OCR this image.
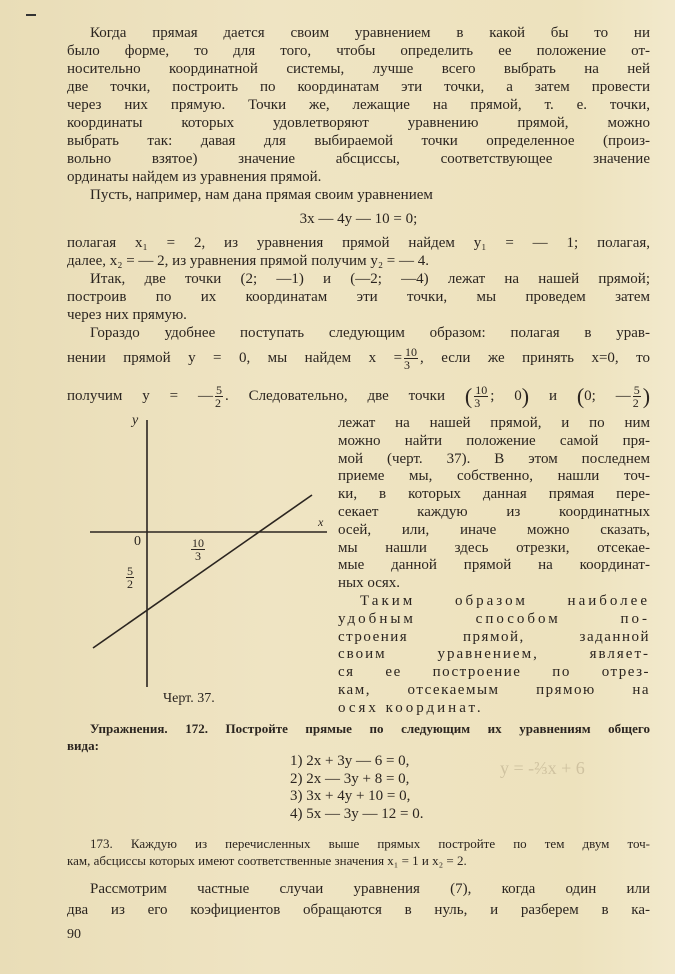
Когда прямая дается своим уравнением в какой бы то ни
было форме, то для того, чтобы определить ее положение от-
носительно координатной системы, лучше всего выбрать на ней
две точки, построить по координатам эти точки, а затем провести
через них прямую. Точки же, лежащие на прямой, т. е. точки,
координаты которых удовлетворяют уравнению прямой, можно
выбрать так: давая для выбираемой точки определенное (произ-
вольно взятое) значение абсциссы, соответствующее значение
ординаты найдем из уравнения прямой.
Пусть, например, нам дана прямая своим уравнением
3x — 4y — 10 = 0;
полагая x₁ = 2, из уравнения прямой найдем y₁ = — 1; полагая,
далее, x₂ = — 2, из уравнения прямой получим y₂ = — 4.
Итак, две точки (2; —1) и (—2; —4) лежат на нашей прямой;
построив по их координатам эти точки, мы проведем затем
через них прямую.
Гораздо удобнее поступать следующим образом: полагая в урав-
нении прямой y = 0, мы найдем $x = \frac{10}{3}$ , если же принять x=0, то
получим y = — $\frac{5}{2}$ . Следовательно, две точки ( $\frac{10}{3}$ ; 0) и (0; — $\frac{5}{2}$ )
y
x
0	$\frac{10}{3}$
$\frac{5}{2}$
Черт. 37.
лежат на нашей прямой, и по ним
можно найти положение самой пря-
мой (черт. 37). В этом последнем
приеме мы, собственно, нашли точ-
ки, в которых данная прямая пере-
секает каждую из координатных
осей, или, иначе можно сказать,
мы нашли здесь отрезки, отсекае-
мые данной прямой на координат-
ных осях.
Таким образом наиболее
удобным способом по-
строения прямой, заданной
своим уравнением, являет-
ся ее построение по отрез-
кам, отсекаемым прямою на
осях координат.
Упражнения. 172. Постройте прямые по следующим их уравнениям общего
вида:
1) 2x + 3y — 6 = 0,
2) 2x — 3y + 8 = 0,
3) 3x + 4y + 10 = 0,
4) 5x — 3y — 12 = 0.
y = -⅔x + 6
173. Каждую из перечисленных выше прямых постройте по тем двум точ-
кам, абсциссы которых имеют соответственные значения x₁ = 1 и x₂ = 2.
Рассмотрим частные случаи уравнения (7), когда один или
два из его коэфициентов обращаются в нуль, и разберем в ка-
90
